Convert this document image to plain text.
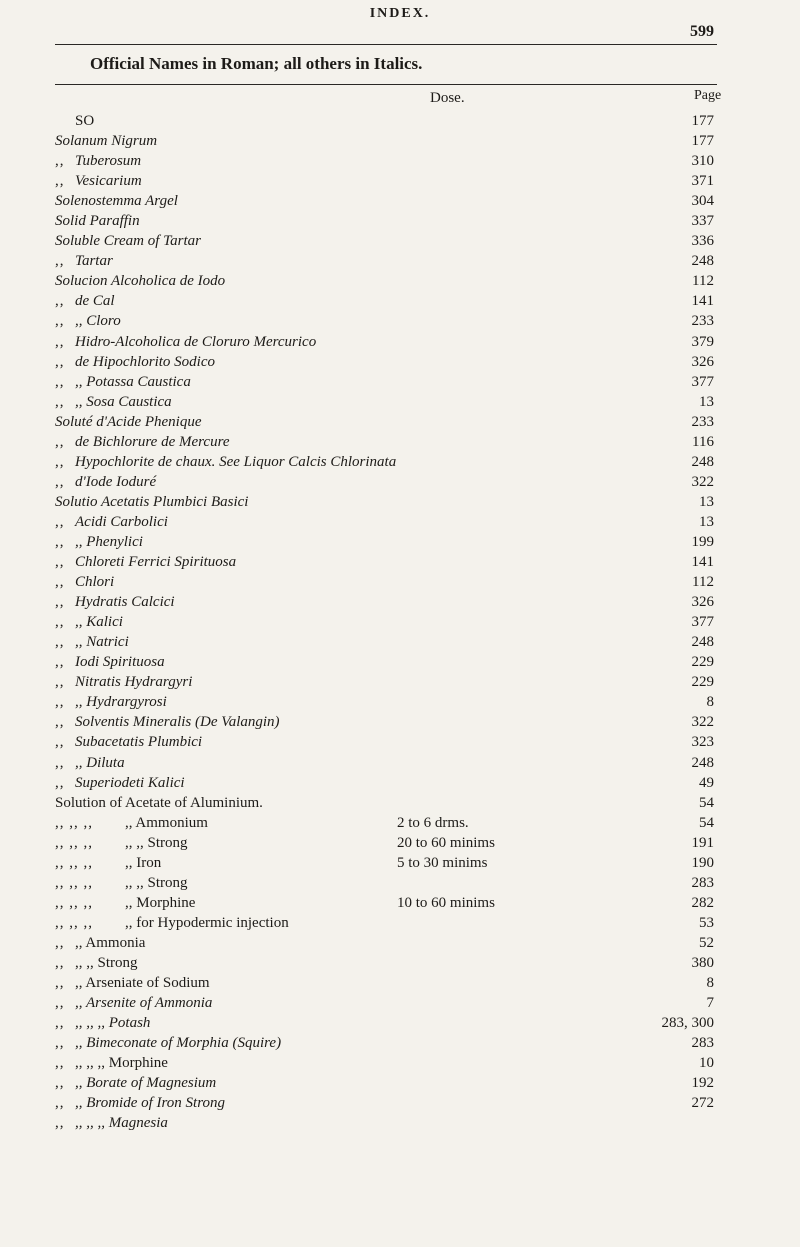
INDEX.
599
Official Names in Roman; all others in Italics.
Dose.	Page
SO	177
Solanum Nigrum	177
,, Tuberosum	310
,, Vesicarium	371
Solenostemma Argel	304
Solid Paraffin	337
Soluble Cream of Tartar	336
,, Tartar	248
Solucion Alcoholica de Iodo	112
,, de Cal	141
,, ,, Cloro	233
,, Hidro-Alcoholica de Cloruro Mercurico	379
,, de Hipochlorito Sodico	326
,, ,, Potassa Caustica	377
,, ,, Sosa Caustica	13
Soluté d'Acide Phenique	233
,, de Bichlorure de Mercure	116
,, Hypochlorite de chaux. See Liquor Calcis Chlorinata	248
,, d'Iode Ioduré	322
Solutio Acetatis Plumbici Basici	13
,, Acidi Carbolici	13
,, ,, Phenylici	199
,, Chloreti Ferrici Spirituosa	141
,, Chlori	112
,, Hydratis Calcici	326
,, ,, Kalici	377
,, ,, Natrici	248
,, Iodi Spirituosa	229
,, Nitratis Hydrargyri	229
,, ,, Hydrargyrosi	8
,, Solventis Mineralis (De Valangin)	322
,, Subacetatis Plumbici	323
,, ,, Diluta	248
,, Superiodeti Kalici	49
Solution of Acetate of Aluminium.	54
,, ,, ,, ,, Ammonium	2 to 6 drms.	54
,, ,, ,, ,, ,, Strong	20 to 60 minims	191
,, ,, ,, ,, Iron	5 to 30 minims	190
,, ,, ,, ,, ,, Strong	283
,, ,, ,, ,, Morphine	10 to 60 minims	282
,, ,, ,, ,, for Hypodermic injection	53
,, ,, Ammonia	52
,, ,, ,, Strong	380
,, ,, Arseniate of Sodium	8
,, ,, Arsenite of Ammonia	7
,, ,, ,, ,, Potash	283, 300
,, ,, Bimeconate of Morphia (Squire)	283
,, ,, ,, ,, Morphine	10
,, ,, Borate of Magnesium	192
,, ,, Bromide of Iron Strong	272
,, ,, ,, ,, Magnesia
